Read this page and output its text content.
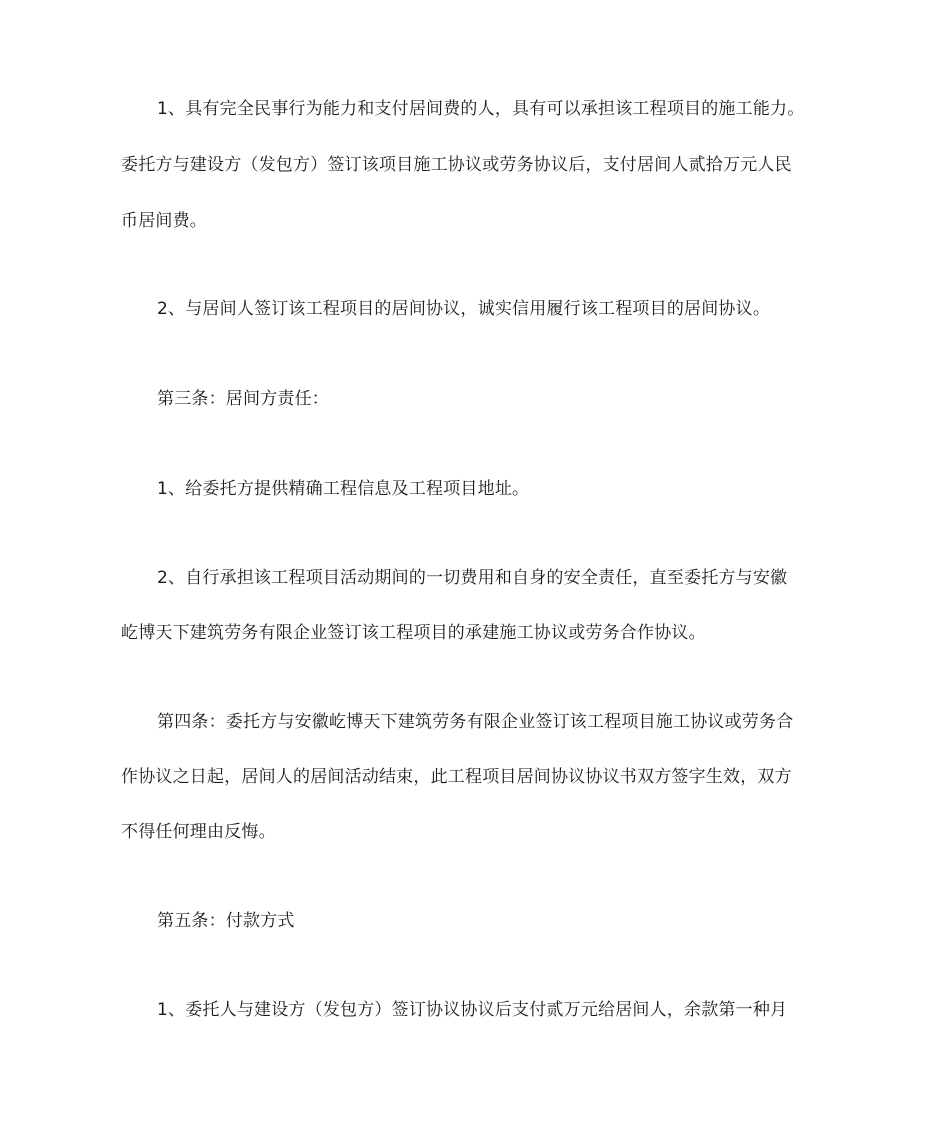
1、具有完全民事行为能力和支付居间费的人，具有可以承担该工程项目的施工能力。
委托方与建设方（发包方）签订该项目施工协议或劳务协议后，支付居间人贰拾万元人民
币居间费。
2、与居间人签订该工程项目的居间协议，诚实信用履行该工程项目的居间协议。
第三条：居间方责任：
1、给委托方提供精确工程信息及工程项目地址。
2、自行承担该工程项目活动期间的一切费用和自身的安全责任，直至委托方与安徽
屹博天下建筑劳务有限企业签订该工程项目的承建施工协议或劳务合作协议。
第四条：委托方与安徽屹博天下建筑劳务有限企业签订该工程项目施工协议或劳务合
作协议之日起，居间人的居间活动结束，此工程项目居间协议协议书双方签字生效，双方
不得任何理由反悔。
第五条：付款方式
1、委托人与建设方（发包方）签订协议协议后支付贰万元给居间人，余款第一种月
